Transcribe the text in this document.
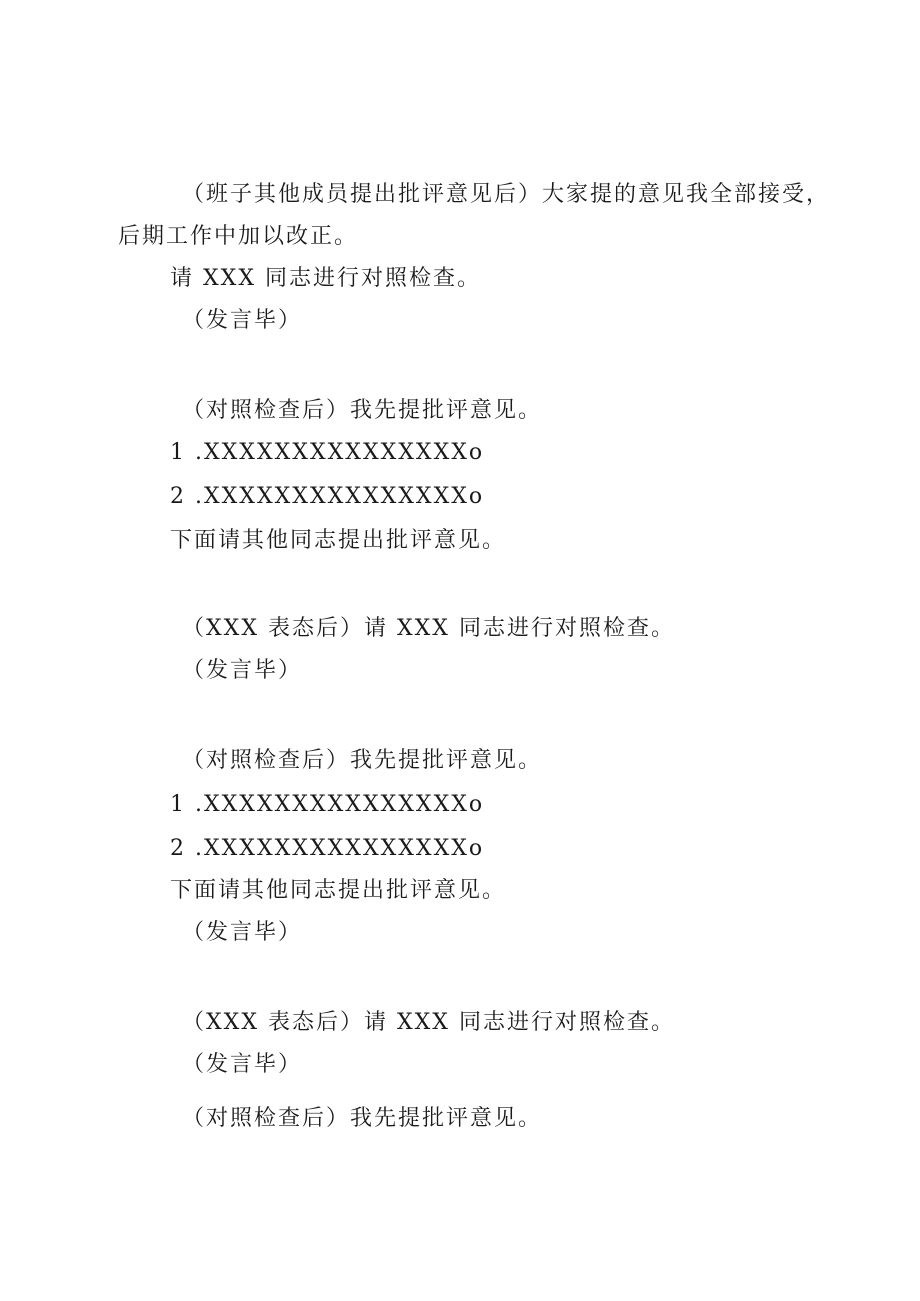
（班子其他成员提出批评意见后）大家提的意见我全部接受，
后期工作中加以改正。
请 XXX 同志进行对照检查。
（发言毕）
（对照检查后）我先提批评意见。
1 .XXXXXXXXXXXXXXXo
2 .XXXXXXXXXXXXXXXo
下面请其他同志提出批评意见。
（XXX 表态后）请 XXX 同志进行对照检查。
（发言毕）
（对照检查后）我先提批评意见。
1 .XXXXXXXXXXXXXXXo
2 .XXXXXXXXXXXXXXXo
下面请其他同志提出批评意见。
（发言毕）
（XXX 表态后）请 XXX 同志进行对照检查。
（发言毕）
（对照检查后）我先提批评意见。
